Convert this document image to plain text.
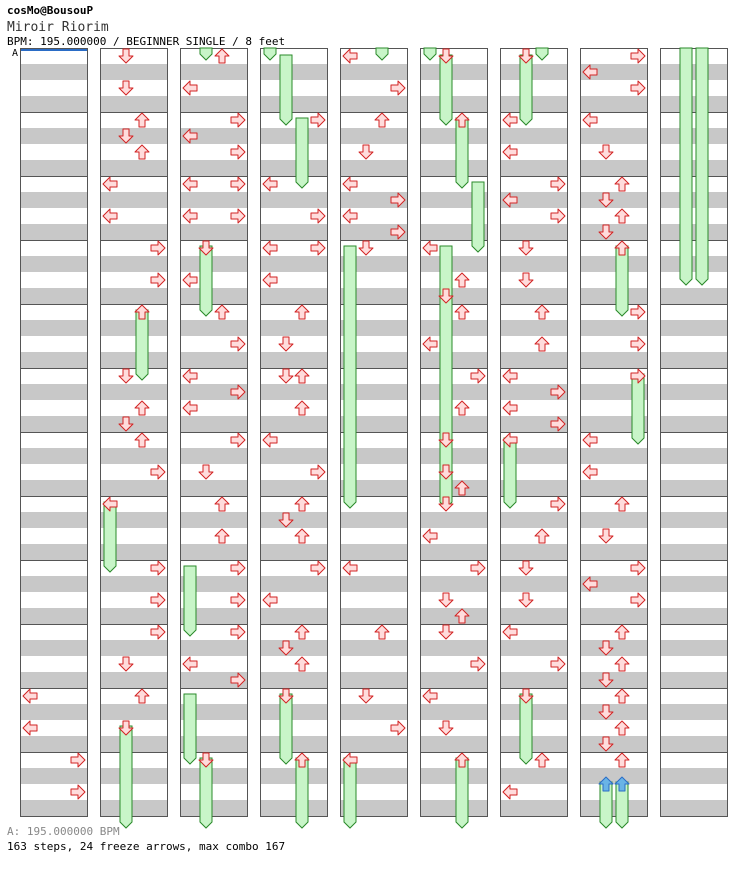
cosMo@BousouP
Miroir Riorim
BPM: 195.000000 / BEGINNER SINGLE / 8 feet
A
A: 195.000000 BPM
163 steps, 24 freeze arrows, max combo 167
